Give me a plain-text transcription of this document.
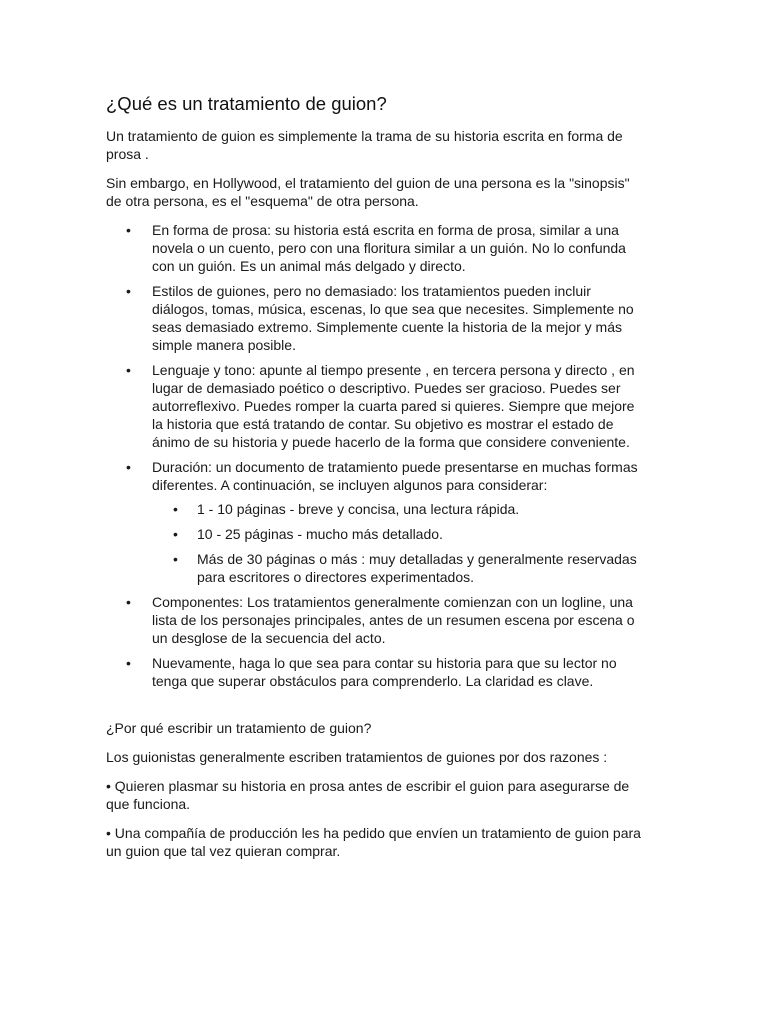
¿Qué es un tratamiento de guion?

Un tratamiento de guion es simplemente la trama de su historia escrita en forma de prosa .

Sin embargo, en Hollywood, el tratamiento del guion de una persona es la "sinopsis" de otra persona, es el "esquema" de otra persona.

• En forma de prosa: su historia está escrita en forma de prosa, similar a una novela o un cuento, pero con una floritura similar a un guión. No lo confunda con un guión. Es un animal más delgado y directo.
• Estilos de guiones, pero no demasiado: los tratamientos pueden incluir diálogos, tomas, música, escenas, lo que sea que necesites. Simplemente no seas demasiado extremo. Simplemente cuente la historia de la mejor y más simple manera posible.
• Lenguaje y tono: apunte al tiempo presente , en tercera persona y directo , en lugar de demasiado poético o descriptivo. Puedes ser gracioso. Puedes ser autorreflexivo. Puedes romper la cuarta pared si quieres. Siempre que mejore la historia que está tratando de contar. Su objetivo es mostrar el estado de ánimo de su historia y puede hacerlo de la forma que considere conveniente.
• Duración: un documento de tratamiento puede presentarse en muchas formas diferentes. A continuación, se incluyen algunos para considerar:
• 1 - 10 páginas - breve y concisa, una lectura rápida.
• 10 - 25 páginas - mucho más detallado.
• Más de 30 páginas o más : muy detalladas y generalmente reservadas para escritores o directores experimentados.
• Componentes: Los tratamientos generalmente comienzan con un logline, una lista de los personajes principales, antes de un resumen escena por escena o un desglose de la secuencia del acto.
• Nuevamente, haga lo que sea para contar su historia para que su lector no tenga que superar obstáculos para comprenderlo. La claridad es clave.

¿Por qué escribir un tratamiento de guion?

Los guionistas generalmente escriben tratamientos de guiones por dos razones :

• Quieren plasmar su historia en prosa antes de escribir el guion para asegurarse de que funciona.

• Una compañía de producción les ha pedido que envíen un tratamiento de guion para un guion que tal vez quieran comprar.
